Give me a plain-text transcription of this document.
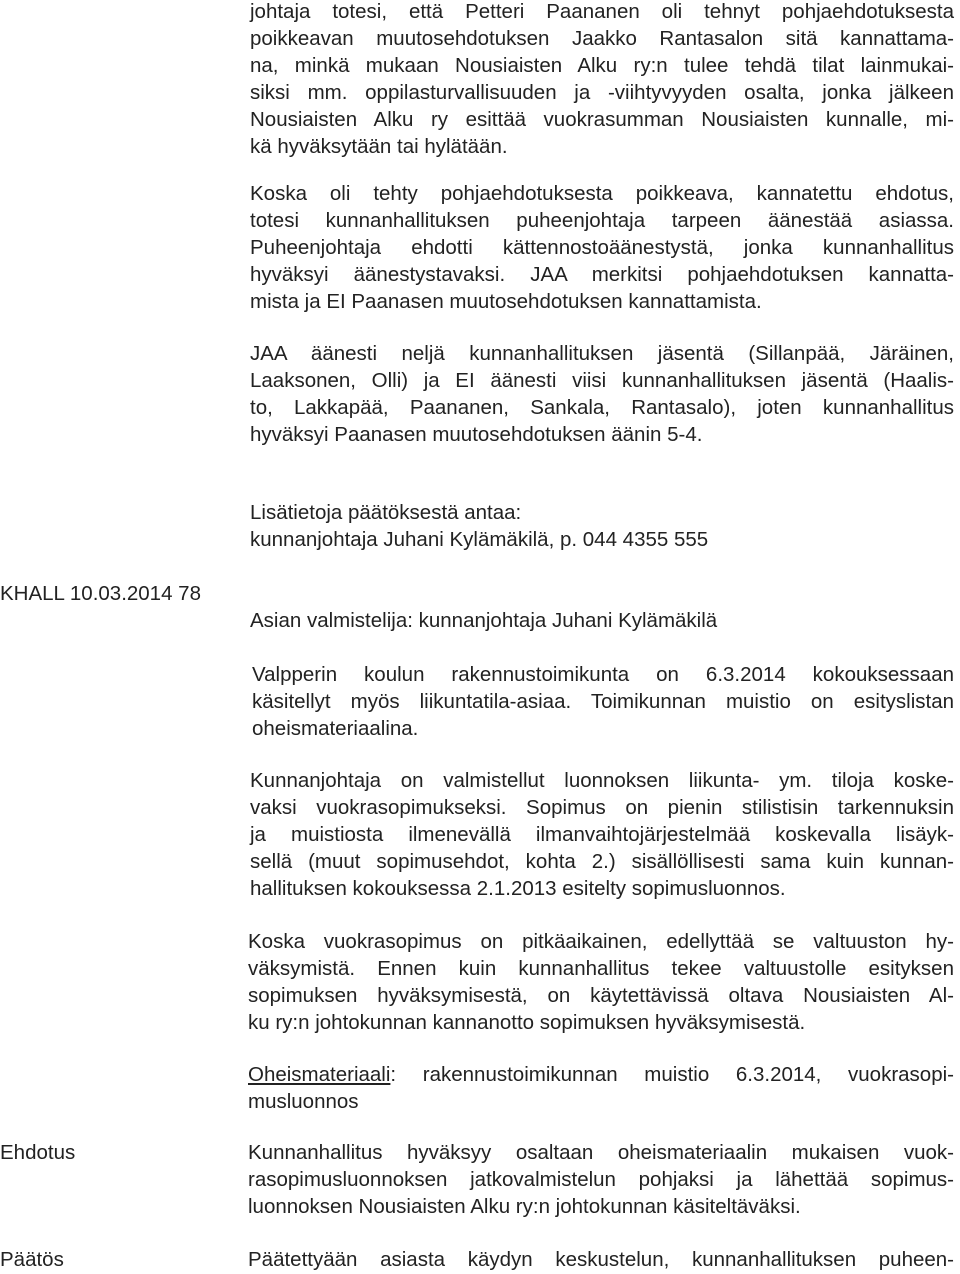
johtaja totesi, että Petteri Paananen oli tehnyt pohjaehdotuksesta
poikkeavan muutosehdotuksen Jaakko Rantasalon sitä kannattama-
na, minkä mukaan Nousiaisten Alku ry:n tulee tehdä tilat lainmukai-
siksi mm. oppilasturvallisuuden ja -viihtyvyyden osalta, jonka jälkeen
Nousiaisten Alku ry esittää vuokrasumman Nousiaisten kunnalle, mi-
kä hyväksytään tai hylätään.
Koska oli tehty pohjaehdotuksesta poikkeava, kannatettu ehdotus,
totesi kunnanhallituksen puheenjohtaja tarpeen äänestää asiassa.
Puheenjohtaja ehdotti kättennostoäänestystä, jonka kunnanhallitus
hyväksyi äänestystavaksi. JAA merkitsi pohjaehdotuksen kannatta-
mista ja EI Paanasen muutosehdotuksen kannattamista.
JAA äänesti neljä kunnanhallituksen jäsentä (Sillanpää, Järäinen,
Laaksonen, Olli) ja EI äänesti viisi kunnanhallituksen jäsentä (Haalis-
to, Lakkapää, Paananen, Sankala, Rantasalo), joten kunnanhallitus
hyväksyi Paanasen muutosehdotuksen äänin 5-4.
Lisätietoja päätöksestä antaa:
kunnanjohtaja Juhani Kylämäkilä, p. 044 4355 555
KHALL 10.03.2014 78
Asian valmistelija: kunnanjohtaja Juhani Kylämäkilä
Valpperin koulun rakennustoimikunta on 6.3.2014 kokouksessaan
käsitellyt myös liikuntatila-asiaa. Toimikunnan muistio on esityslistan
oheismateriaalina.
Kunnanjohtaja on valmistellut luonnoksen liikunta- ym. tiloja koske-
vaksi vuokrasopimukseksi. Sopimus on pienin stilistisin tarkennuksin
ja muistiosta ilmenevällä ilmanvaihtojärjestelmää koskevalla lisäyk-
sellä (muut sopimusehdot, kohta 2.) sisällöllisesti sama kuin kunnan-
hallituksen kokouksessa 2.1.2013 esitelty sopimusluonnos.
Koska vuokrasopimus on pitkäaikainen, edellyttää se valtuuston hy-
väksymistä. Ennen kuin kunnanhallitus tekee valtuustolle esityksen
sopimuksen hyväksymisestä, on käytettävissä oltava Nousiaisten Al-
ku ry:n johtokunnan kannanotto sopimuksen hyväksymisestä.
Oheismateriaali: rakennustoimikunnan muistio 6.3.2014, vuokrasopi-
musluonnos
Ehdotus	Kunnanhallitus hyväksyy osaltaan oheismateriaalin mukaisen vuok-
rasopimusluonnoksen jatkovalmistelun pohjaksi ja lähettää sopimus-
luonnoksen Nousiaisten Alku ry:n johtokunnan käsiteltäväksi.
Päätös	Päätettyään asiasta käydyn keskustelun, kunnanhallituksen puheen-
